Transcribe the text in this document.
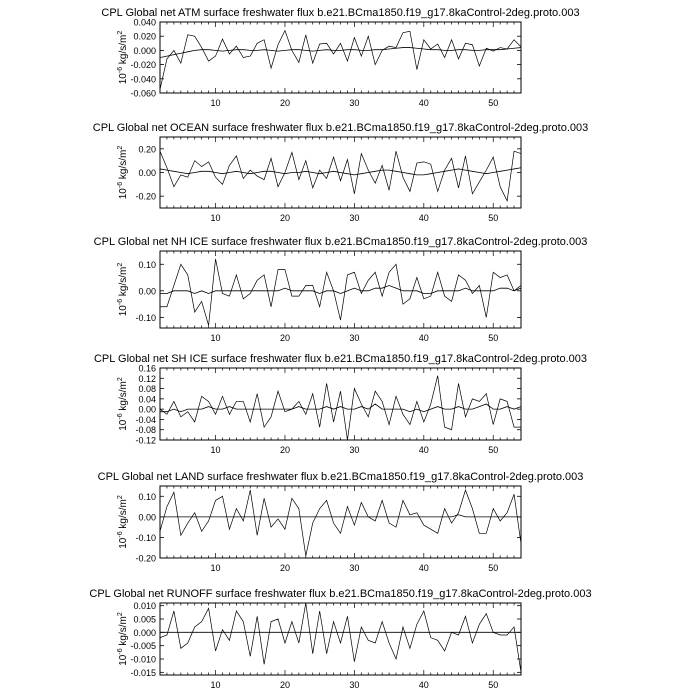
CPL Global net ATM surface freshwater flux b.e21.BCma1850.f19_g17.8kaControl-2deg.proto.003
0.040
0.020
0.000
-0.020
-0.040
-0.060
10	20	30	40	50
$10^{-6}$ $kg/s/m^2$
CPL Global net OCEAN surface freshwater flux b.e21.BCma1850.f19_g17.8kaControl-2deg.proto.003
0.20
0.00
-0.20
10	20	30	40	50
$10^{-6}$ $kg/s/m^2$
CPL Global net NH ICE surface freshwater flux b.e21.BCma1850.f19_g17.8kaControl-2deg.proto.003
0.10
0.00
-0.10
10	20	30	40	50
$10^{-6}$ $kg/s/m^2$
CPL Global net SH ICE surface freshwater flux b.e21.BCma1850.f19_g17.8kaControl-2deg.proto.003
0.16
0.12
0.08
0.04
0.00
-0.04
-0.08
-0.12
10	20	30	40	50
$10^{-6}$ $kg/s/m^2$
CPL Global net LAND surface freshwater flux b.e21.BCma1850.f19_g17.8kaControl-2deg.proto.003
0.10
0.00
-0.10
-0.20
10	20	30	40	50
$10^{-6}$ $kg/s/m^2$
CPL Global net RUNOFF surface freshwater flux b.e21.BCma1850.f19_g17.8kaControl-2deg.proto.003
0.010
0.005
0.000
-0.005
-0.010
-0.015
10	20	30	40	50
$10^{-6}$ $kg/s/m^2$
